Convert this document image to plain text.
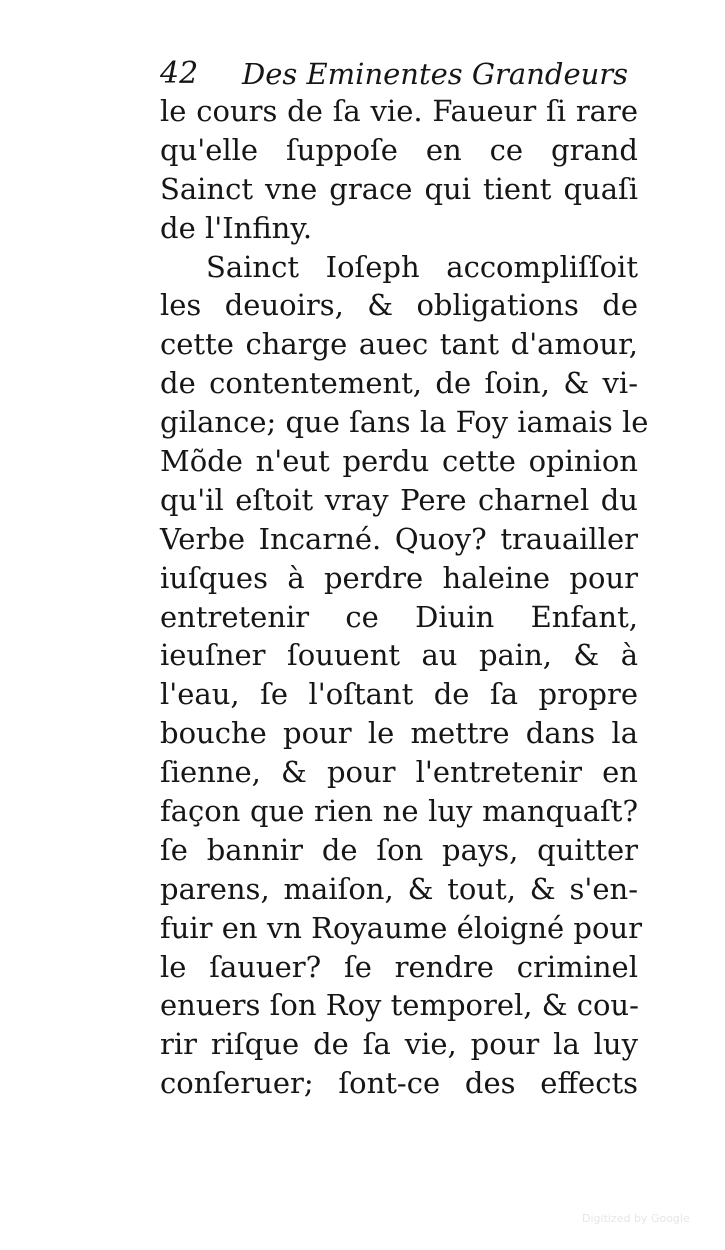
42 Des Eminentes Grandeurs
le cours de ſa vie. Faueur ſi rare
qu'elle ſuppoſe en ce grand
Sainct vne grace qui tient quaſi
de l'Infiny.
Sainct Ioſeph accompliſſoit
les deuoirs, & obligations de
cette charge auec tant d'amour,
de contentement, de ſoin, & vi-
gilance; que ſans la Foy iamais le
Mõde n'eut perdu cette opinion
qu'il eſtoit vray Pere charnel du
Verbe Incarné. Quoy? trauailler
iuſques à perdre haleine pour
entretenir ce Diuin Enfant,
ieuſner ſouuent au pain, & à
l'eau, ſe l'oſtant de ſa propre
bouche pour le mettre dans la
ſienne, & pour l'entretenir en
façon que rien ne luy manquaſt?
ſe bannir de ſon pays, quitter
parens, maiſon, & tout, & s'en-
fuir en vn Royaume éloigné pour
le ſauuer? ſe rendre criminel
enuers ſon Roy temporel, & cou-
rir riſque de ſa vie, pour la luy
conſeruer; ſont-ce des effects
Digitized by Google
